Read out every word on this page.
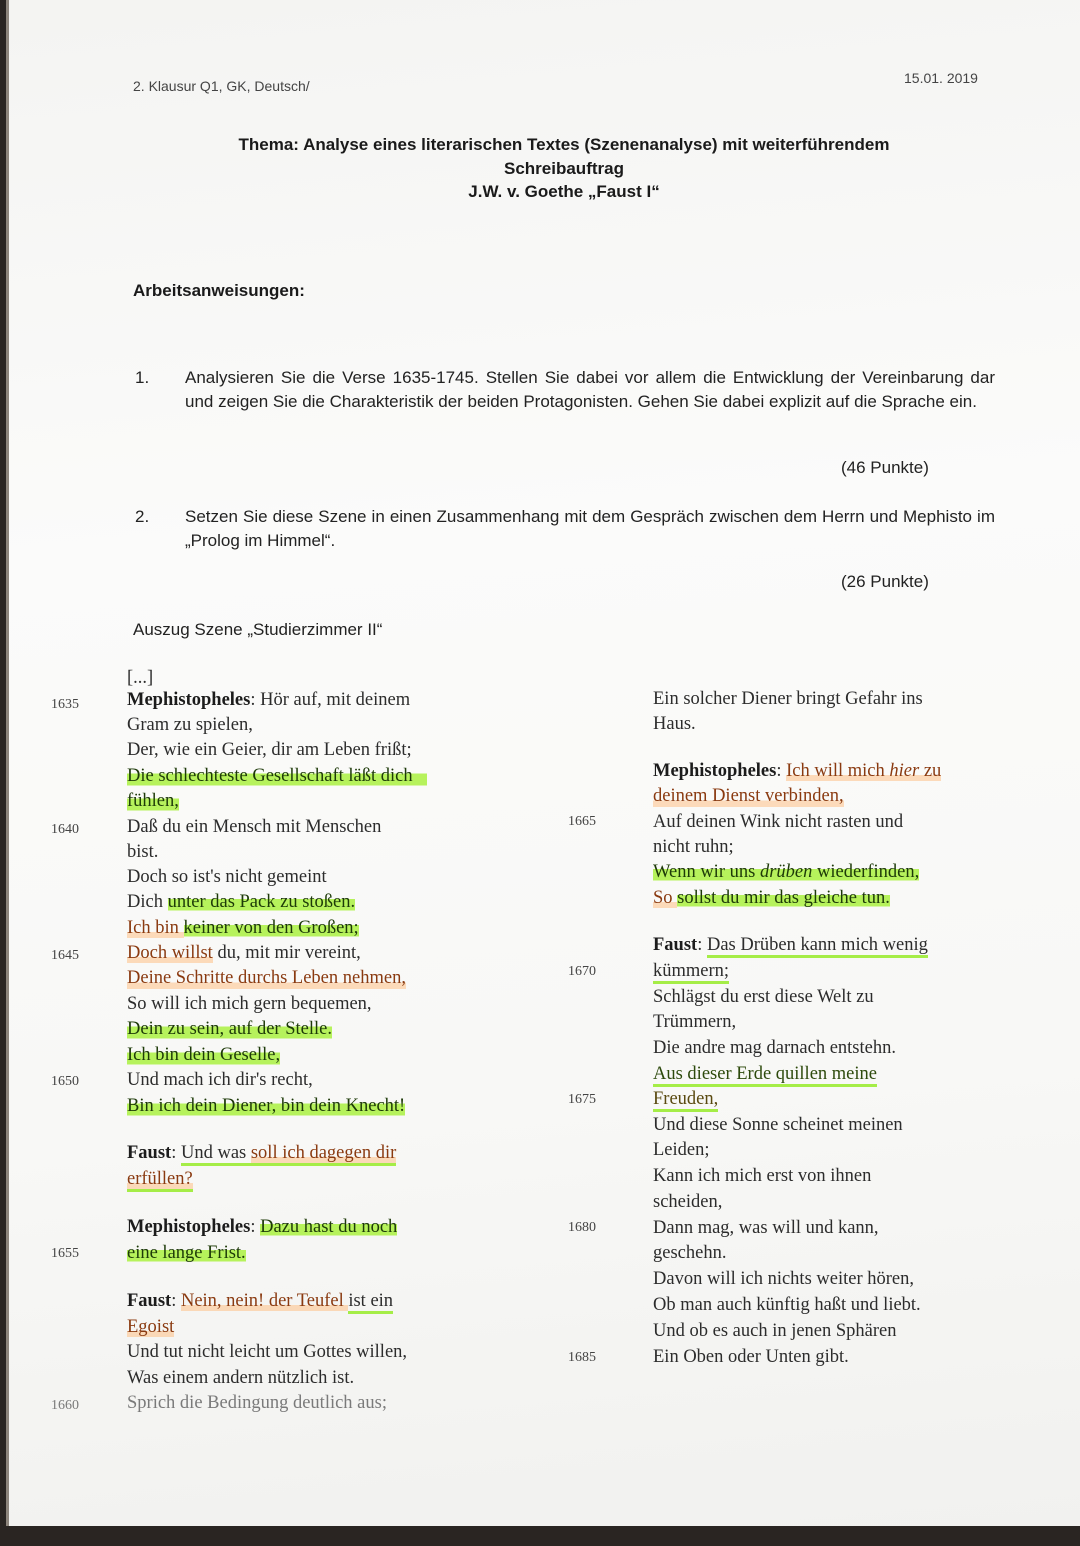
2. Klausur Q1, GK, Deutsch/	15.01. 2019
Thema: Analyse eines literarischen Textes (Szenenanalyse) mit weiterführendem
Schreibauftrag
J.W. v. Goethe „Faust I“
Arbeitsanweisungen:
1. Analysieren Sie die Verse 1635-1745. Stellen Sie dabei vor allem die Entwicklung der Vereinbarung dar und zeigen Sie die Charakteristik der beiden Protagonisten. Gehen Sie dabei explizit auf die Sprache ein.
(46 Punkte)
2. Setzen Sie diese Szene in einen Zusammenhang mit dem Gespräch zwischen dem Herrn und Mephisto im „Prolog im Himmel“.
(26 Punkte)
Auszug Szene „Studierzimmer II“
1635
1640
1645
1650
1655
1660
[...]
Mephistopheles: Hör auf, mit deinem
Gram zu spielen,
Der, wie ein Geier, dir am Leben frißt;
Die schlechteste Gesellschaft läßt dich
fühlen,
Daß du ein Mensch mit Menschen
bist.
Doch so ist's nicht gemeint
Dich unter das Pack zu stoßen.
Ich bin keiner von den Großen;
Doch willst du, mit mir vereint,
Deine Schritte durchs Leben nehmen,
So will ich mich gern bequemen,
Dein zu sein, auf der Stelle.
Ich bin dein Geselle,
Und mach ich dir's recht,
Bin ich dein Diener, bin dein Knecht!
Faust: Und was soll ich dagegen dir
erfüllen?
Mephistopheles: Dazu hast du noch
eine lange Frist.
Faust: Nein, nein! der Teufel ist ein
Egoist
Und tut nicht leicht um Gottes willen,
Was einem andern nützlich ist.
Sprich die Bedingung deutlich aus;
1665
1670
1675
1680
1685
Ein solcher Diener bringt Gefahr ins
Haus.
Mephistopheles: Ich will mich hier zu
deinem Dienst verbinden,
Auf deinen Wink nicht rasten und
nicht ruhn;
Wenn wir uns drüben wiederfinden,
So sollst du mir das gleiche tun.
Faust: Das Drüben kann mich wenig
kümmern;
Schlägst du erst diese Welt zu
Trümmern,
Die andre mag darnach entstehn.
Aus dieser Erde quillen meine
Freuden,
Und diese Sonne scheinet meinen
Leiden;
Kann ich mich erst von ihnen
scheiden,
Dann mag, was will und kann,
geschehn.
Davon will ich nichts weiter hören,
Ob man auch künftig haßt und liebt.
Und ob es auch in jenen Sphären
Ein Oben oder Unten gibt.
